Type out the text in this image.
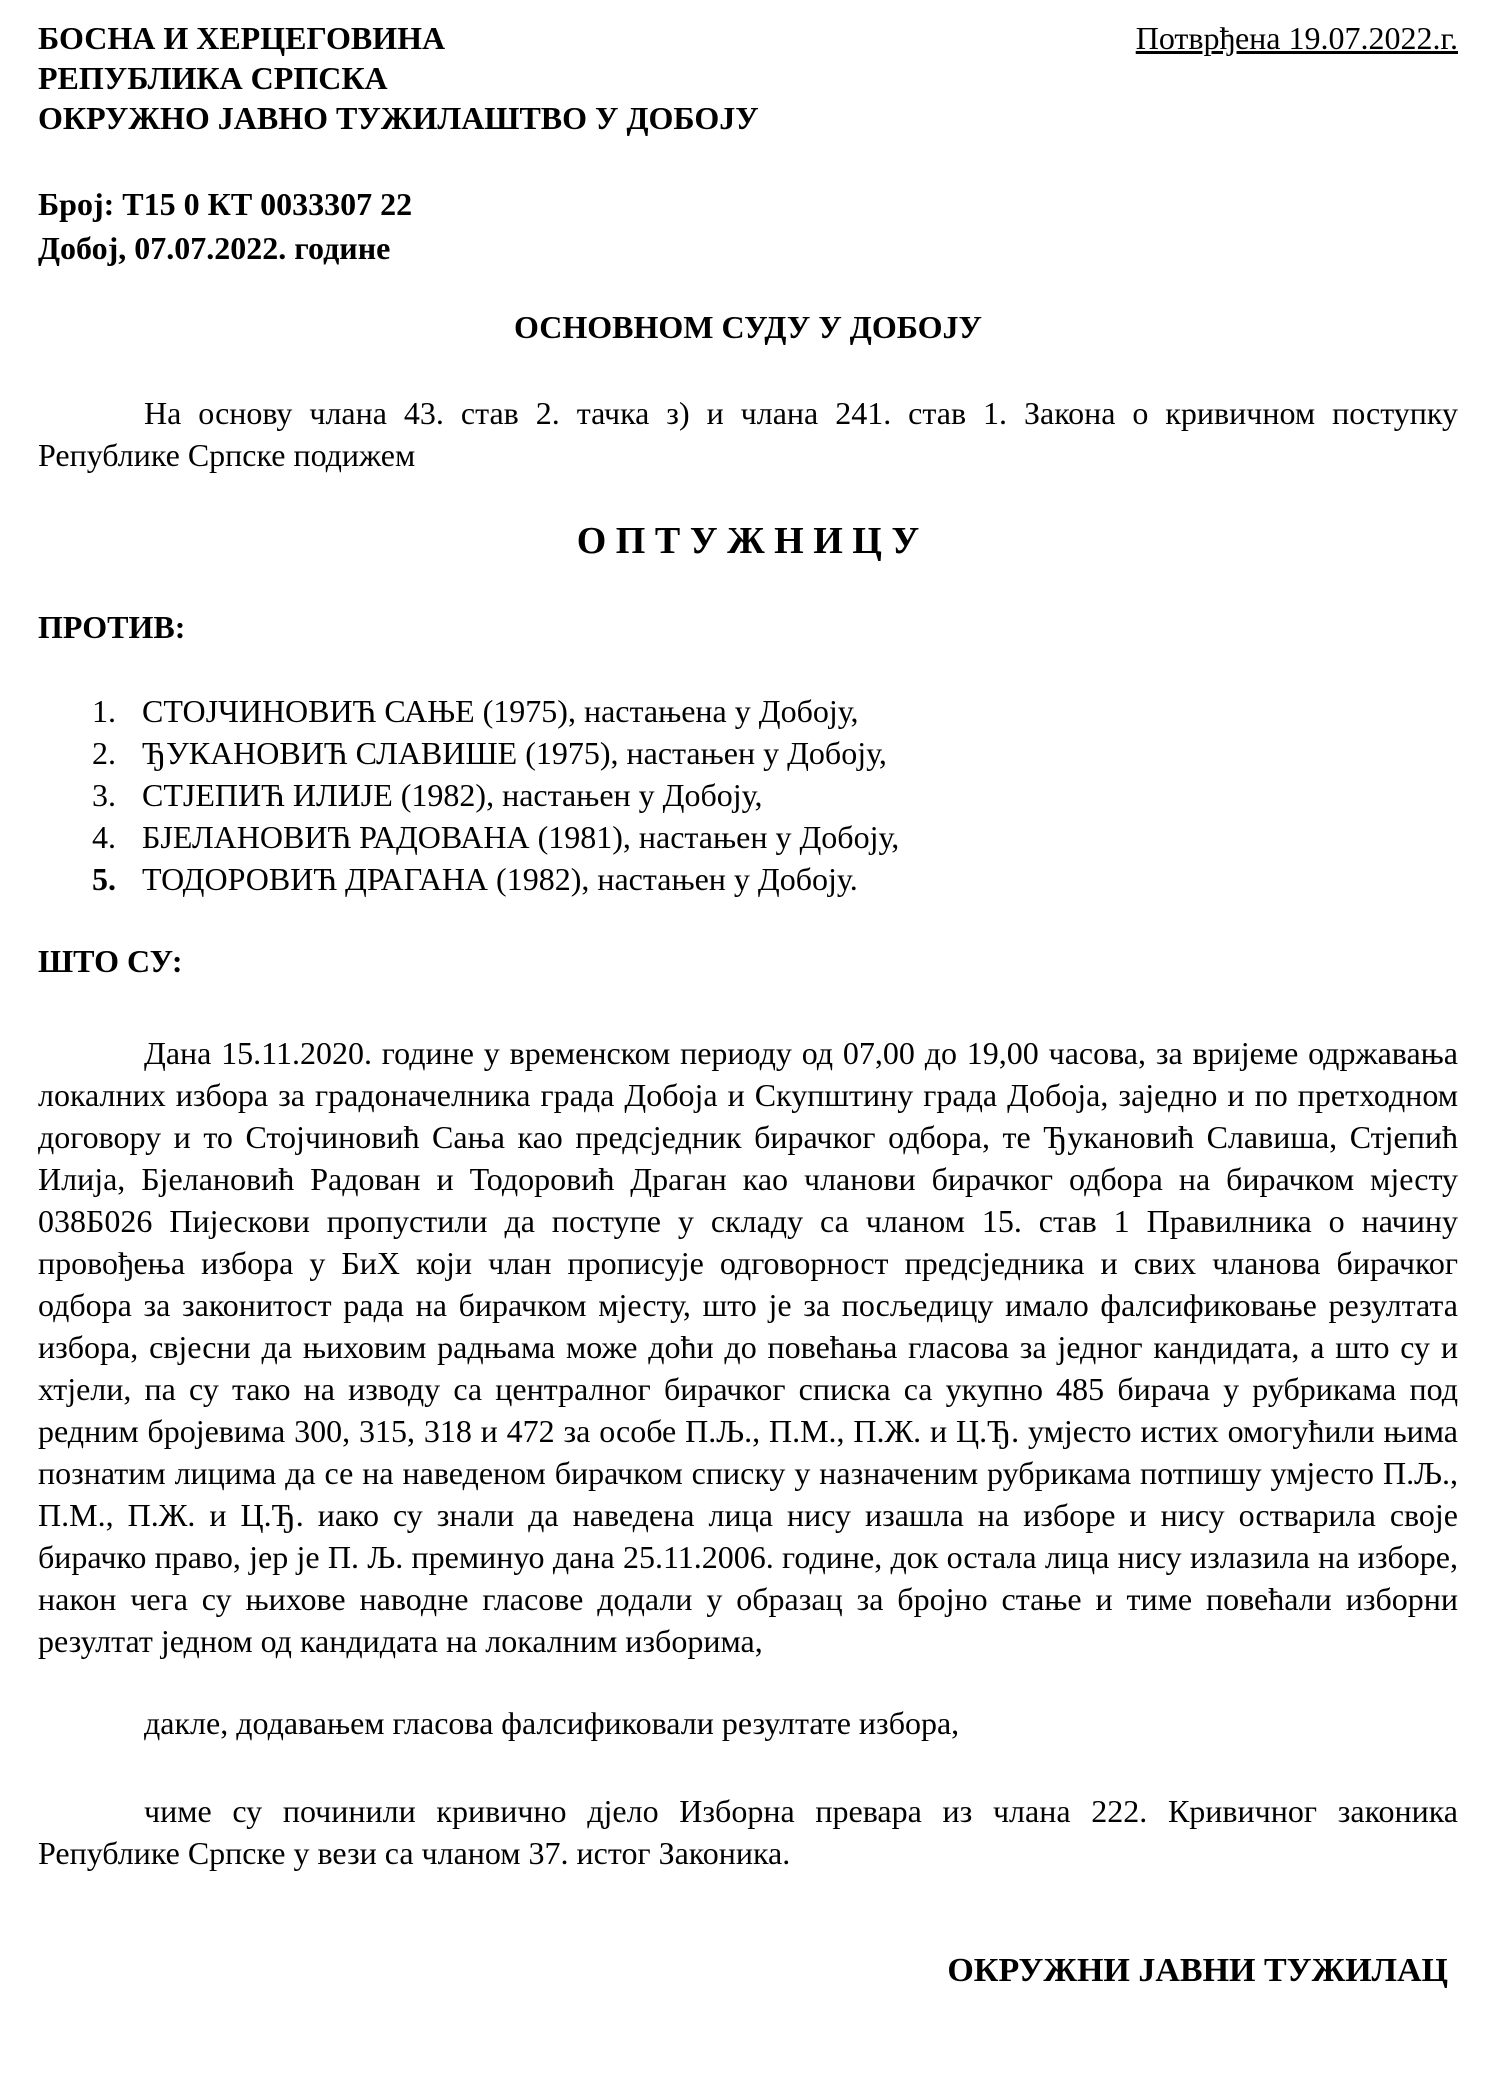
БОСНА И ХЕРЦЕГОВИНА
РЕПУБЛИКА СРПСКА
ОКРУЖНО ЈАВНО ТУЖИЛАШТВО У ДОБОЈУ
Потврђена 19.07.2022.г.
Број: Т15 0 КТ 0033307 22
Добој, 07.07.2022. године
ОСНОВНОМ СУДУ У ДОБОЈУ

На основу члана 43. став 2. тачка з) и члана 241. став 1. Закона о кривичном поступку Републике Српске подижем

О П Т У Ж Н И Ц У
ПРОТИВ:
1. СТОЈЧИНОВИЋ САЊЕ (1975), настањена у Добоју,
2. ЂУКАНОВИЋ СЛАВИШЕ (1975), настањен у Добоју,
3. СТЈЕПИЋ ИЛИЈЕ (1982), настањен у Добоју,
4. БЈЕЛАНОВИЋ РАДОВАНА (1981), настањен у Добоју,
5. ТОДОРОВИЋ ДРАГАНА (1982), настањен у Добоју.
ШТО СУ:

Дана 15.11.2020. године у временском периоду од 07,00 до 19,00 часова, за вријеме одржавања локалних избора за градоначелника града Добоја и Скупштину града Добоја, заједно и по претходном договору и то Стојчиновић Сања као предсједник бирачког одбора, те Ђукановић Славиша, Стјепић Илија, Бјелановић Радован и Тодоровић Драган као чланови бирачког одбора на бирачком мјесту 038Б026 Пијескови пропустили да поступе у складу са чланом 15. став 1 Правилника о начину провођења избора у БиХ који члан прописује одговорност предсједника и свих чланова бирачког одбора за законитост рада на бирачком мјесту, што је за посљедицу имало фалсификовање резултата избора, свјесни да њиховим радњама може доћи до повећања гласова за једног кандидата, а што су и хтјели, па су тако на изводу са централног бирачког списка са укупно 485 бирача у рубрикама под редним бројевима 300, 315, 318 и 472 за особе П.Љ., П.М., П.Ж. и Ц.Ђ. умјесто истих омогућили њима познатим лицима да се на наведеном бирачком списку у назначеним рубрикама потпишу умјесто П.Љ., П.М., П.Ж. и Ц.Ђ. иако су знали да наведена лица нису изашла на изборе и нису остварила своје бирачко право, јер је П. Љ. преминуо дана 25.11.2006. године, док остала лица нису излазила на изборе, након чега су њихове наводне гласове додали у образац за бројно стање и тиме повећали изборни резултат једном од кандидата на локалним изборима,

дакле, додавањем гласова фалсификовали резултате избора,

чиме су починили кривично дјело Изборна превара из члана 222. Кривичног законика Републике Српске у вези са чланом 37. истог Законика.

ОКРУЖНИ ЈАВНИ ТУЖИЛАЦ
